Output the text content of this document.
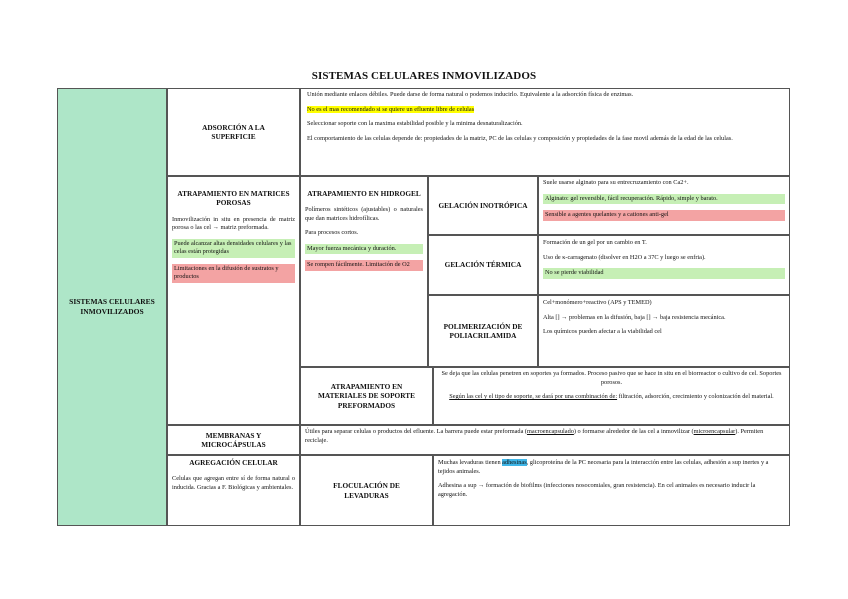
SISTEMAS CELULARES INMOVILIZADOS
SISTEMAS CELULARES INMOVILIZADOS
ADSORCIÓN A LA SUPERFICIE
Unión mediante enlaces débiles. Puede darse de forma natural o podemos inducirlo. Equivalente a la adsorción física de enzimas.
No es el mas recomendado si se quiere un efluente libre de celulas
Seleccionar soporte con la maxima estabilidad posible y la minima desnaturalización.
El comportamiento de las celulas depende de: propiedades de la matriz, PC de las celulas y composición y propiedades de la fase movil además de la edad de las celulas.
ATRAPAMIENTO EN MATRICES POROSAS
Inmovilización in situ en presencia de matriz porosa o las cel → matriz preformada.
Puede alcanzar altas densidades celulares y las celas están protegidas
Limitaciones en la difusión de sustratos y productos
ATRAPAMIENTO EN HIDROGEL
Polímeros sintéticos (ajustables) o naturales que dan matrices hidrofílicas.
Para procesos cortos.
Mayor fuerza mecánica y duración.
Se rompen fácilmente. Limitación de O2
GELACIÓN INOTRÓPICA
Suele usarse alginato para su entrecruzamiento con Ca2+.
Alginato: gel reversible, fácil recuperación. Rápido, simple y barato.
Sensible a agentes quelantes y a cationes anti-gel
GELACIÓN TÉRMICA
Formación de un gel por un cambio en T.
Uso de κ-carragenato (disolver en H2O a 37C y luego se enfria).
No se pierde viabilidad
POLIMERIZACIÓN DE POLIACRILAMIDA
Cel+monómero+reactivo (APS y TEMED)
Alta [] → problemas en la difusión, baja [] → baja resistencia mecánica.
Los químicos pueden afectar a la viabilidad cel
ATRAPAMIENTO EN MATERIALES DE SOPORTE PREFORMADOS
Se deja que las celulas penetren en soportes ya formados. Proceso pasivo que se hace in situ en el biorreactor o cultivo de cel. Soportes porosos.
Según las cel y el tipo de soporte, se dará por una combinación de: filtración, adsorción, crecimiento y colonización del material.
MEMBRANAS Y MICROCÁPSULAS
Útiles para separar celulas o productos del efluente. La barrera puede estar preformada (macroencapsulado) o formarse alrededor de las cel a inmovilizar (microencapsular). Permiten reciclaje.
AGREGACIÓN CELULAR
Celulas que agregan entre sí de forma natural o inducida. Gracias a F. Biológicas y ambientales.	FLOCULACIÓN DE LEVADURAS
Muchas levaduras tienen adhesinas, glicoproteína de la PC necesaria para la interacción entre las celulas, adhesión a sup inertes y a tejidos animales.
Adhesina a sup → formación de biofilms (infecciones nosocomiales, gran resistencia). En cel animales es necesario inducir la agregación.
